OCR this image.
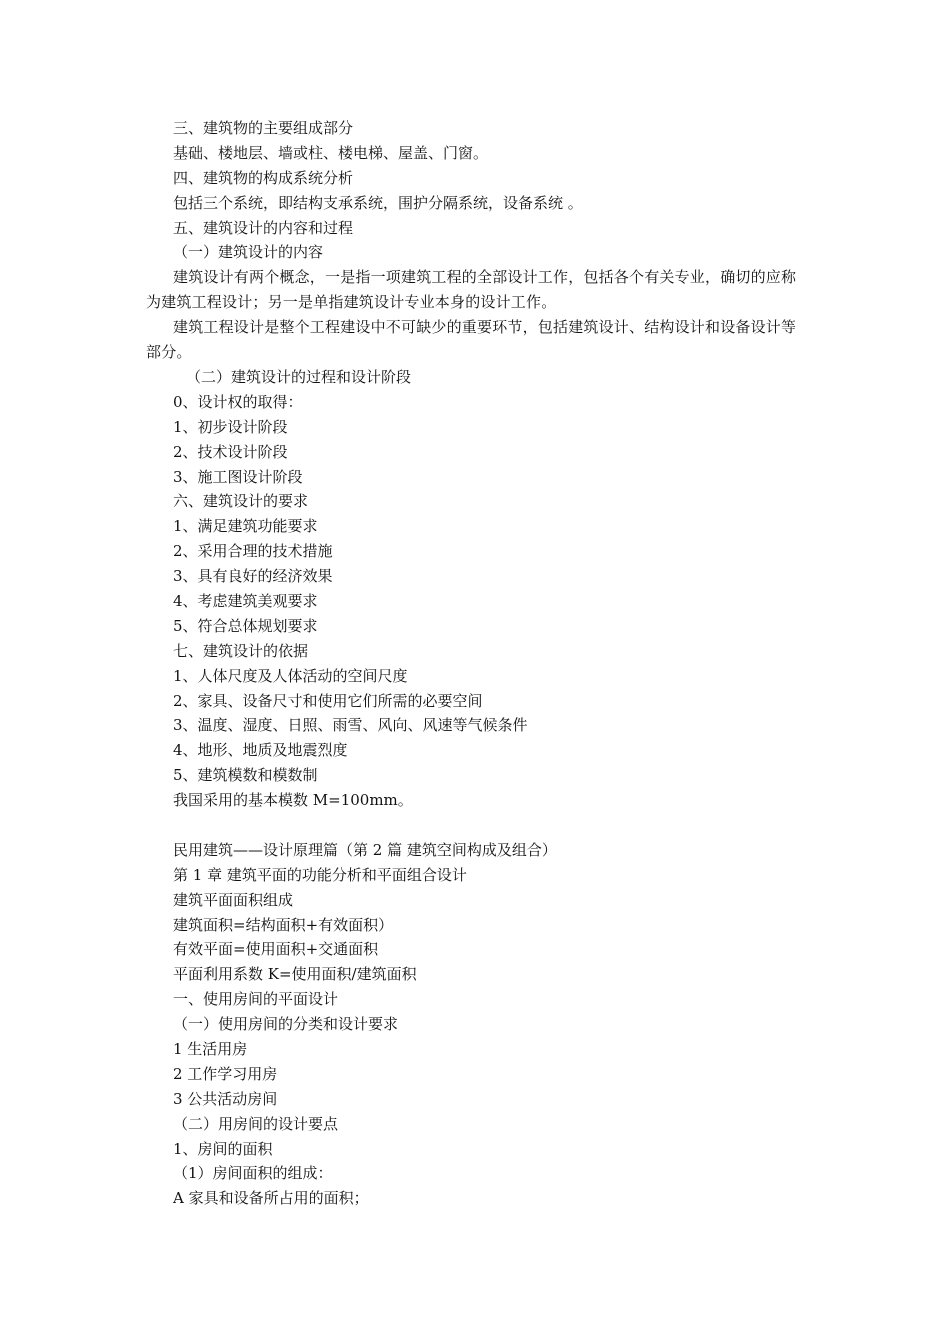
三、建筑物的主要组成部分
基础、楼地层、墙或柱、楼电梯、屋盖、门窗。
四、建筑物的构成系统分析
包括三个系统，即结构支承系统，围护分隔系统，设备系统 。
五、建筑设计的内容和过程
（一）建筑设计的内容
建筑设计有两个概念，一是指一项建筑工程的全部设计工作，包括各个有关专业，确切的应称为建筑工程设计；另一是单指建筑设计专业本身的设计工作。
建筑工程设计是整个工程建设中不可缺少的重要环节，包括建筑设计、结构设计和设备设计等部分。
（二）建筑设计的过程和设计阶段
0、设计权的取得：
1、初步设计阶段
2、技术设计阶段
3、施工图设计阶段
六、建筑设计的要求
1、满足建筑功能要求
2、采用合理的技术措施
3、具有良好的经济效果
4、考虑建筑美观要求
5、符合总体规划要求
七、建筑设计的依据
1、人体尺度及人体活动的空间尺度
2、家具、设备尺寸和使用它们所需的必要空间
3、温度、湿度、日照、雨雪、风向、风速等气候条件
4、地形、地质及地震烈度
5、建筑模数和模数制
我国采用的基本模数 M=100mm。
民用建筑——设计原理篇（第 2 篇 建筑空间构成及组合）
第 1 章 建筑平面的功能分析和平面组合设计
建筑平面面积组成
建筑面积=结构面积+有效面积）
有效平面=使用面积+交通面积
平面利用系数 K=使用面积/建筑面积
一、使用房间的平面设计
（一）使用房间的分类和设计要求
1 生活用房
2 工作学习用房
3 公共活动房间
（二）用房间的设计要点
1、房间的面积
（1）房间面积的组成：
A 家具和设备所占用的面积；
